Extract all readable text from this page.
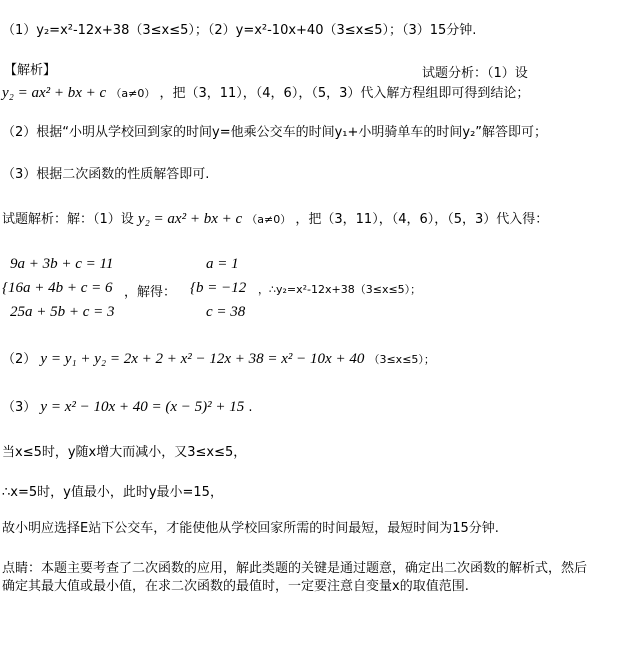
（1）y₂=x²-12x+38（3≤x≤5）；（2）y=x²-10x+40（3≤x≤5）；（3）15分钟.
【解析】	试题分析：（1）设
y₂ = ax² + bx + c （a≠0） ，把（3，11），（4，6），（5，3）代入解方程组即可得到结论；
（2）根据“小明从学校回到家的时间y=他乘公交车的时间y₁+小明骑单车的时间y₂”解答即可；
（3）根据二次函数的性质解答即可.
试题解析：解：（1）设 y₂ = ax² + bx + c （a≠0） ，把（3，11），（4，6），（5，3）代入得：
9a + 3b + c = 11
{16a + 4b + c = 6
25a + 5b + c = 3
，解得：
a = 1
{b = −12
c = 38
，∴y₂=x²-12x+38（3≤x≤5）；
（2） y = y₁ + y₂ = 2x + 2 + x² − 12x + 38 = x² − 10x + 40 （3≤x≤5）；
（3） y = x² − 10x + 40 = (x − 5)² + 15 .
当x≤5时，y随x增大而减小，又3≤x≤5，
∴x=5时，y值最小，此时y最小=15，
故小明应选择E站下公交车，才能使他从学校回家所需的时间最短，最短时间为15分钟.
点睛：本题主要考查了二次函数的应用，解此类题的关键是通过题意，确定出二次函数的解析式，然后
确定其最大值或最小值，在求二次函数的最值时，一定要注意自变量x的取值范围.
